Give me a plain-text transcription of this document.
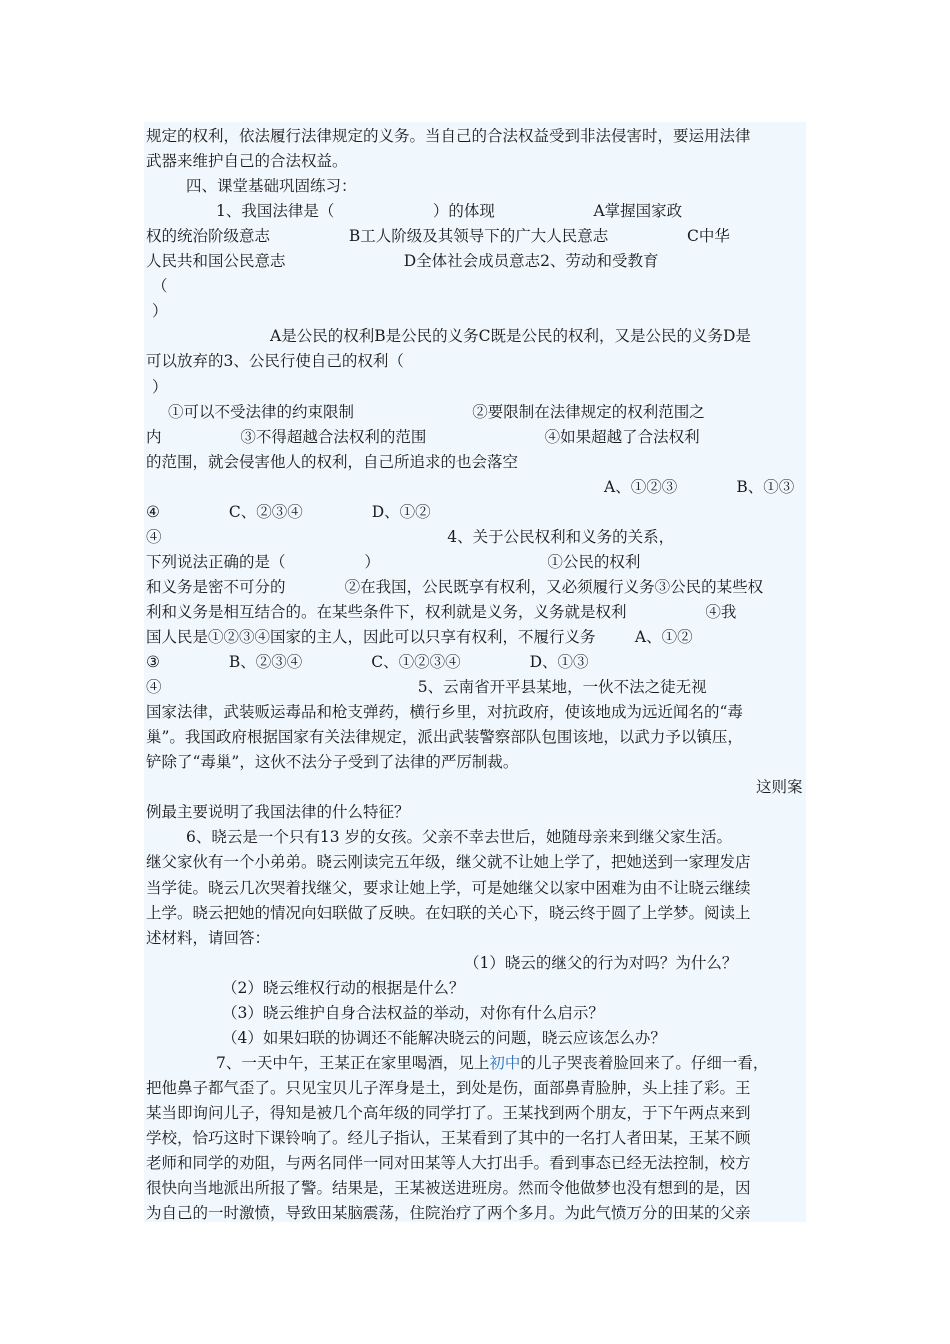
规定的权利，依法履行法律规定的义务。当自己的合法权益受到非法侵害时，要运用法律
武器来维护自己的合法权益。
四、课堂基础巩固练习：
1、我国法律是（                    ）的体现                    A掌握国家政
权的统治阶级意志                B工人阶级及其领导下的广大人民意志                C中华
人民共和国公民意志                        D全体社会成员意志2、劳动和受教育
（
）
A是公民的权利B是公民的义务C既是公民的权利，又是公民的义务D是
可以放弃的3、公民行使自己的权利（
）
①可以不受法律的约束限制                        ②要限制在法律规定的权利范围之
内                ③不得超越合法权利的范围                        ④如果超越了合法权利
的范围，就会侵害他人的权利，自己所追求的也会落空
A、①②③            B、①③
④              C、②③④              D、①②
④                                                          4、关于公民权利和义务的关系，
下列说法正确的是（                ）                                  ①公民的权利
和义务是密不可分的            ②在我国，公民既享有权利，又必须履行义务③公民的某些权
利和义务是相互结合的。在某些条件下，权利就是义务，义务就是权利                ④我
国人民是①②③④国家的主人，因此可以只享有权利，不履行义务        A、①②
③              B、②③④              C、①②③④              D、①③
④                                                    5、云南省开平县某地，一伙不法之徒无视
国家法律，武装贩运毒品和枪支弹药，横行乡里，对抗政府，使该地成为远近闻名的“毒
巢”。我国政府根据国家有关法律规定，派出武装警察部队包围该地，以武力予以镇压，
铲除了“毒巢”，这伙不法分子受到了法律的严厉制裁。
这则案
例最主要说明了我国法律的什么特征？
6、晓云是一个只有13 岁的女孩。父亲不幸去世后，她随母亲来到继父家生活。
继父家伙有一个小弟弟。晓云刚读完五年级，继父就不让她上学了，把她送到一家理发店
当学徒。晓云几次哭着找继父，要求让她上学，可是她继父以家中困难为由不让晓云继续
上学。晓云把她的情况向妇联做了反映。在妇联的关心下，晓云终于圆了上学梦。阅读上
述材料，请回答：
（1）晓云的继父的行为对吗？为什么？
（2）晓云维权行动的根据是什么？
（3）晓云维护自身合法权益的举动，对你有什么启示？
（4）如果妇联的协调还不能解决晓云的问题，晓云应该怎么办？
7、一天中午，王某正在家里喝酒，见上初中的儿子哭丧着脸回来了。仔细一看，
把他鼻子都气歪了。只见宝贝儿子浑身是土，到处是伤，面部鼻青脸肿，头上挂了彩。王
某当即询问儿子，得知是被几个高年级的同学打了。王某找到两个朋友，于下午两点来到
学校，恰巧这时下课铃响了。经儿子指认，王某看到了其中的一名打人者田某，王某不顾
老师和同学的劝阻，与两名同伴一同对田某等人大打出手。看到事态已经无法控制，校方
很快向当地派出所报了警。结果是，王某被送进班房。然而令他做梦也没有想到的是，因
为自己的一时激愤，导致田某脑震荡，住院治疗了两个多月。为此气愤万分的田某的父亲
